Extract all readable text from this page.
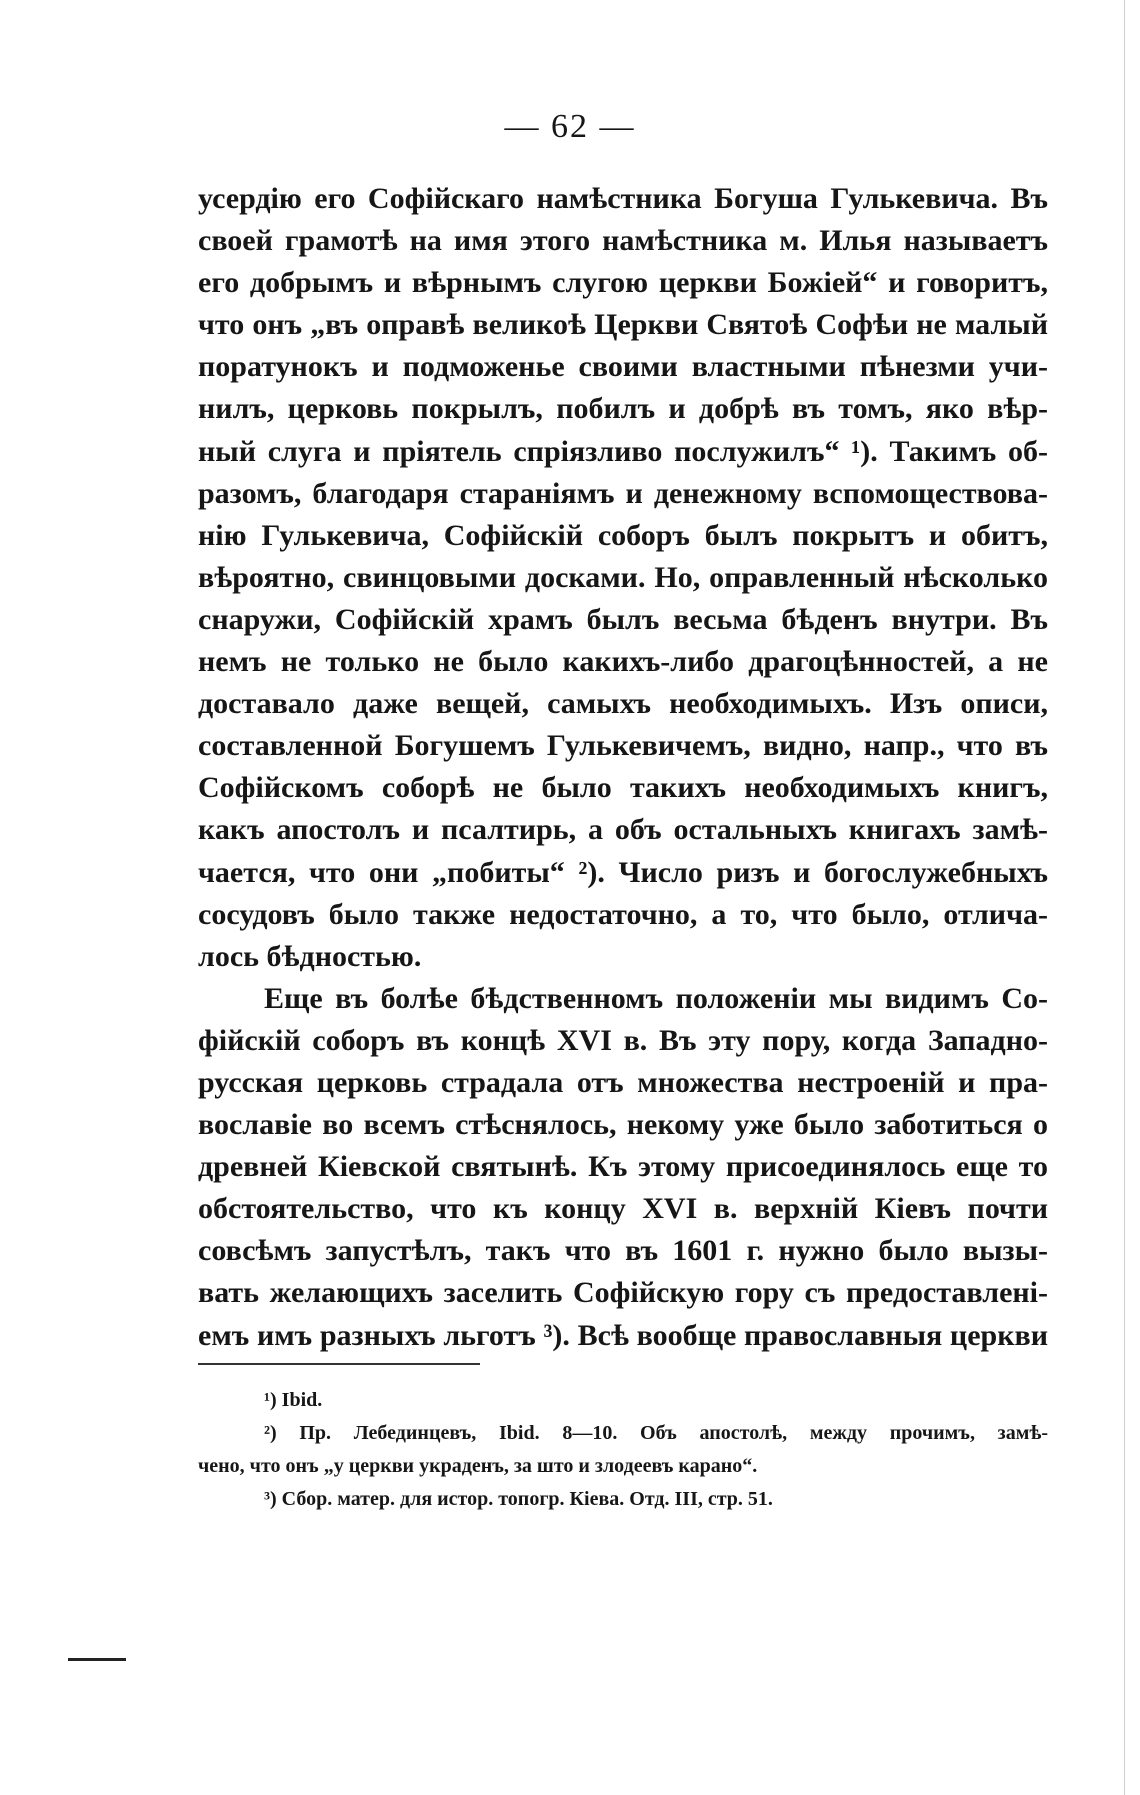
— 62 —
усердію его Софійскаго намѣстника Богуша Гулькевича. Въ
своей грамотѣ на имя этого намѣстника м. Илья называетъ
его добрымъ и вѣрнымъ слугою церкви Божiей“ и говоритъ,
что онъ „въ оправѣ великоѣ Церкви Святоѣ Софѣи не малый
поратунокъ и подможенье своими властными пѣнезми учи-
нилъ, церковь покрылъ, побилъ и добрѣ въ томъ, яко вѣр-
ный слуга и прiятель спрiязливо послужилъ“ ¹). Такимъ об-
разомъ, благодаря стараніямъ и денежному вспомоществова-
нію Гулькевича, Софійскій соборъ былъ покрытъ и обитъ,
вѣроятно, свинцовыми досками. Но, оправленный нѣсколько
снаружи, Софійскій храмъ былъ весьма бѣденъ внутри. Въ
немъ не только не было какихъ-либо драгоцѣнностей, а не
доставало даже вещей, самыхъ необходимыхъ. Изъ описи,
составленной Богушемъ Гулькевичемъ, видно, напр., что въ
Софійскомъ соборѣ не было такихъ необходимыхъ книгъ,
какъ апостолъ и псалтирь, а объ остальныхъ книгахъ замѣ-
чается, что они „побиты“ ²). Число ризъ и богослужебныхъ
сосудовъ было также недостаточно, а то, что было, отлича-
лось бѣдностью.
Еще въ болѣе бѣдственномъ положеніи мы видимъ Со-
фійскій соборъ въ концѣ XVI в. Въ эту пору, когда Западно-
русская церковь страдала отъ множества нестроеній и пра-
вославіе во всемъ стѣснялось, некому уже было заботиться о
древней Кіевской святынѣ. Къ этому присоединялось еще то
обстоятельство, что къ концу XVI в. верхній Кіевъ почти
совсѣмъ запустѣлъ, такъ что въ 1601 г. нужно было вызы-
вать желающихъ заселить Софійскую гору съ предоставлені-
емъ имъ разныхъ льготъ ³). Всѣ вообще православныя церкви
¹) Ibid.
²) Пр. Лебединцевъ, Ibid. 8—10. Объ апостолѣ, между прочимъ, замѣ-
чено, что онъ „у церкви украденъ, за што и злодеевъ карано“.
³) Сбор. матер. для истор. топогр. Кіева. Отд. III, стр. 51.
